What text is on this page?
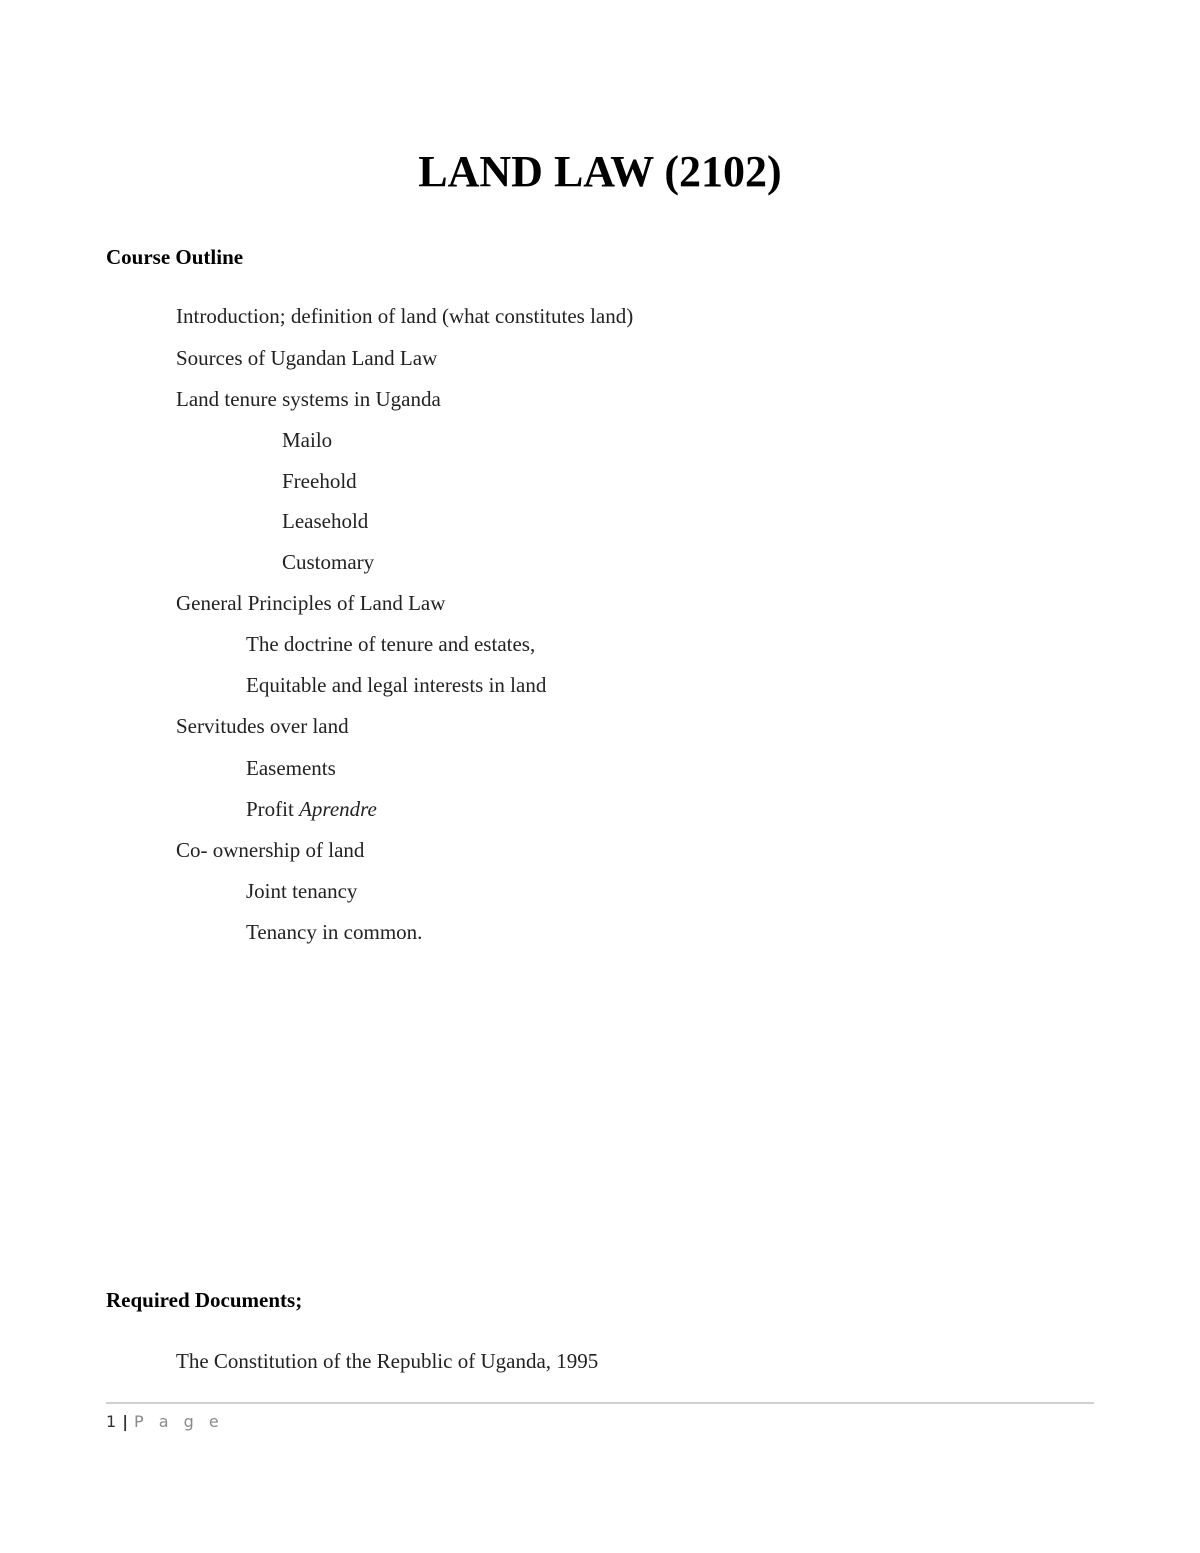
LAND LAW (2102)
Course Outline
Introduction; definition of land (what constitutes land)
Sources of Ugandan Land Law
Land tenure systems in Uganda
Mailo
Freehold
Leasehold
Customary
General Principles of Land Law
The doctrine of tenure and estates,
Equitable and legal interests in land
Servitudes over land
Easements
Profit Aprendre
Co- ownership of land
Joint tenancy
Tenancy in common.
Required Documents;
The Constitution of the Republic of Uganda, 1995
1 | P a g e
